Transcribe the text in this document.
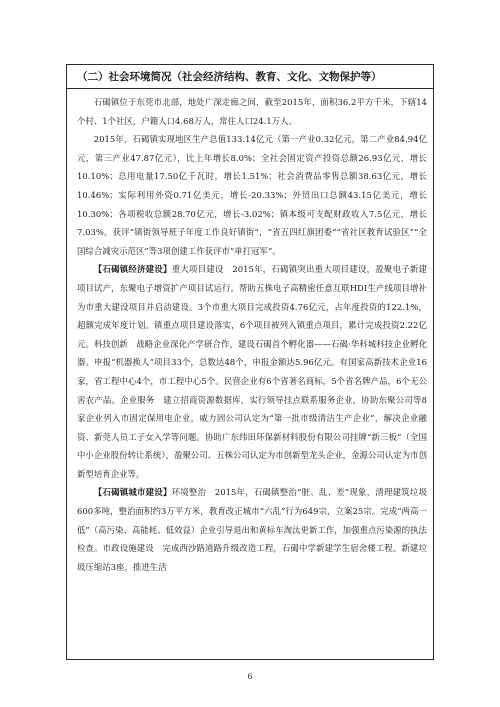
（二）社会环境简况（社会经济结构、教育、文化、文物保护等）

石碣镇位于东莞市北部，地处广深走廊之间，截至2015年，面积36.2平方千米，下辖14个村、1个社区，户籍人口4.68万人，常住人口24.1万人。

2015年，石碣镇实现地区生产总值133.14亿元（第一产业0.32亿元，第二产业84.94亿元，第三产业47.87亿元），比上年增长8.0%；全社会固定资产投资总额26.93亿元，增长10.10%；总用电量17.50亿千瓦时，增长1.51%；社会消费品零售总额38.63亿元，增长10.46%；实际利用外资0.71亿美元，增长-20.33%；外贸出口总额43.15亿美元，增长10.30%；各项税收总额28.70亿元，增长-3.02%；镇本级可支配财政收入7.5亿元，增长7.03%。获评“镇街领导班子年度工作良好镇街”，“省五四红旗团委”“省社区教育试验区”“全国综合减灾示范区”等3项创建工作获评市“单打冠军”。

【石碣镇经济建设】重大项目建设　2015年，石碣镇突出重大项目建设，盈聚电子新建项目试产，东聚电子增资扩产项目试运行。帮助五株电子高精密任意互联HDI生产线项目增补为市重大建设项目并启动建设。3个市重大项目完成投资4.76亿元，占年度投资的122.1%，超额完成年度计划。镇重点项目建设落实，6个项目被列入镇重点项目，累计完成投资2.22亿元。科技创新　战略企业深化产学研合作，建设石碣首个孵化器——石碣·华科城科技企业孵化器。申报“机器换人”项目33个，总数达48个，申报金额达5.96亿元。有国家高新技术企业16家，省工程中心4个，市工程中心5个。民营企业有6个省著名商标，5个省名牌产品，6个无公害农产品。企业服务　建立招商资源数据库，实行领导挂点联系服务企业，协助东聚公司等8家企业列入市固定保用电企业，威力固公司认定为“第一批市级清洁生产企业”，解决企业融资、新莞人员工子女入学等问题。协助广东纬田环保新材料股份有限公司挂牌“新三板”（全国中小企业股份转让系统），盈聚公司、五株公司认定为市创新型龙头企业，金源公司认定为市创新型培育企业等。

【石碣镇城市建设】环境整治　2015年，石碣镇整治“脏、乱、差”现象，清理建筑垃圾600多吨，整治面积约3万平方米，教育改正城市“六乱”行为649宗，立案25宗。完成“两高一低”（高污染、高能耗、低效益）企业引导退出和黄标车淘汰更新工作，加强重点污染源的执法检查。市政设施建设　完成西沙路道路升级改造工程，石碣中学新建学生宿舍楼工程。新建垃圾压缩站3座，推进生活

6
